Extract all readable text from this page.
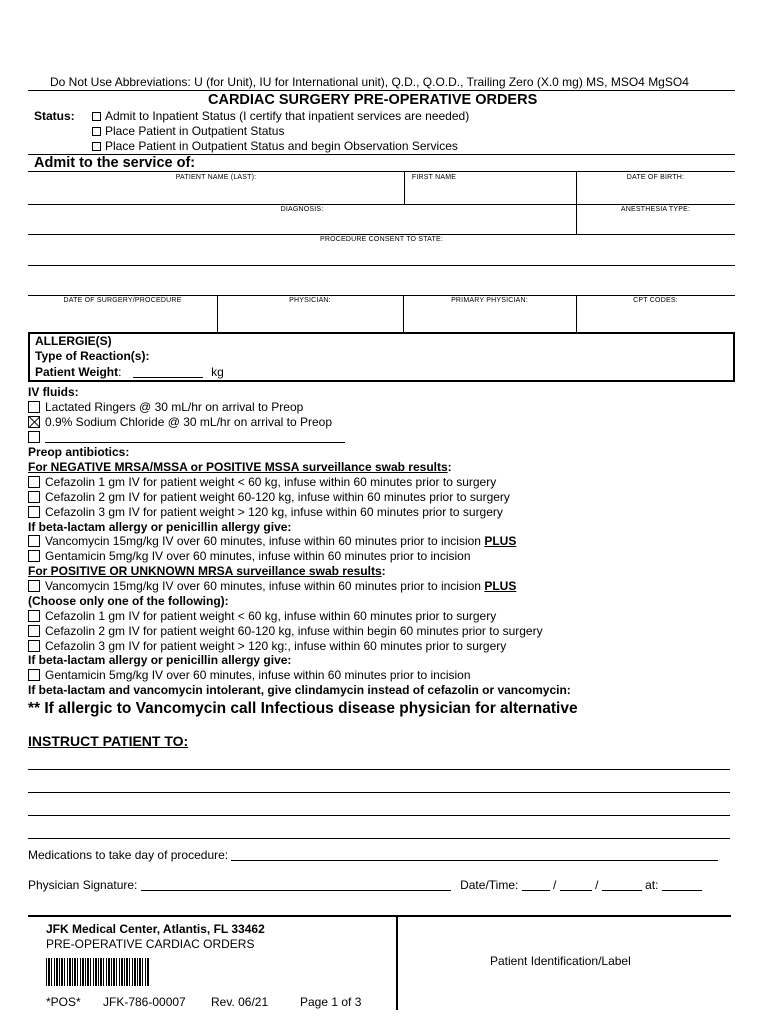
Do Not Use Abbreviations: U (for Unit), IU for International unit), Q.D., Q.O.D., Trailing Zero (X.0 mg) MS, MSO4 MgSO4
CARDIAC SURGERY PRE-OPERATIVE ORDERS
Status:	Admit to Inpatient Status (I certify that inpatient services are needed)
Place Patient in Outpatient Status
Place Patient in Outpatient Status and begin Observation Services
Admit to the service of:
PATIENT NAME (LAST):	FIRST NAME	DATE OF BIRTH:
DIAGNOSIS:	ANESTHESIA TYPE:
PROCEDURE CONSENT TO STATE:
DATE OF SURGERY/PROCEDURE	PHYSICIAN:	PRIMARY PHYSICIAN:	CPT CODES:
ALLERGIE(S)
Type of Reaction(s):
Patient Weight:	kg
IV fluids:
Lactated Ringers @ 30 mL/hr on arrival to Preop
0.9% Sodium Chloride @ 30 mL/hr on arrival to Preop
Preop antibiotics:
For NEGATIVE MRSA/MSSA or POSITIVE MSSA surveillance swab results:
Cefazolin 1 gm IV for patient weight < 60 kg, infuse within 60 minutes prior to surgery
Cefazolin 2 gm IV for patient weight 60-120 kg, infuse within 60 minutes prior to surgery
Cefazolin 3 gm IV for patient weight > 120 kg, infuse within 60 minutes prior to surgery
If beta-lactam allergy or penicillin allergy give:
Vancomycin 15mg/kg IV over 60 minutes, infuse within 60 minutes prior to incision PLUS
Gentamicin 5mg/kg IV over 60 minutes, infuse within 60 minutes prior to incision
For POSITIVE OR UNKNOWN MRSA surveillance swab results:
Vancomycin 15mg/kg IV over 60 minutes, infuse within 60 minutes prior to incision PLUS
(Choose only one of the following):
Cefazolin 1 gm IV for patient weight < 60 kg, infuse within 60 minutes prior to surgery
Cefazolin 2 gm IV for patient weight 60-120 kg, infuse within begin 60 minutes prior to surgery
Cefazolin 3 gm IV for patient weight > 120 kg:, infuse within 60 minutes prior to surgery
If beta-lactam allergy or penicillin allergy give:
Gentamicin 5mg/kg IV over 60 minutes, infuse within 60 minutes prior to incision
If beta-lactam and vancomycin intolerant, give clindamycin instead of cefazolin or vancomycin:
** If allergic to Vancomycin call Infectious disease physician for alternative
INSTRUCT PATIENT TO:
Medications to take day of procedure:
Physician Signature:	Date/Time:	/	/	at:
JFK Medical Center, Atlantis, FL 33462
PRE-OPERATIVE CARDIAC ORDERS
*POS* JFK-786-00007 Rev. 06/21	Page 1 of 3
Patient Identification/Label
